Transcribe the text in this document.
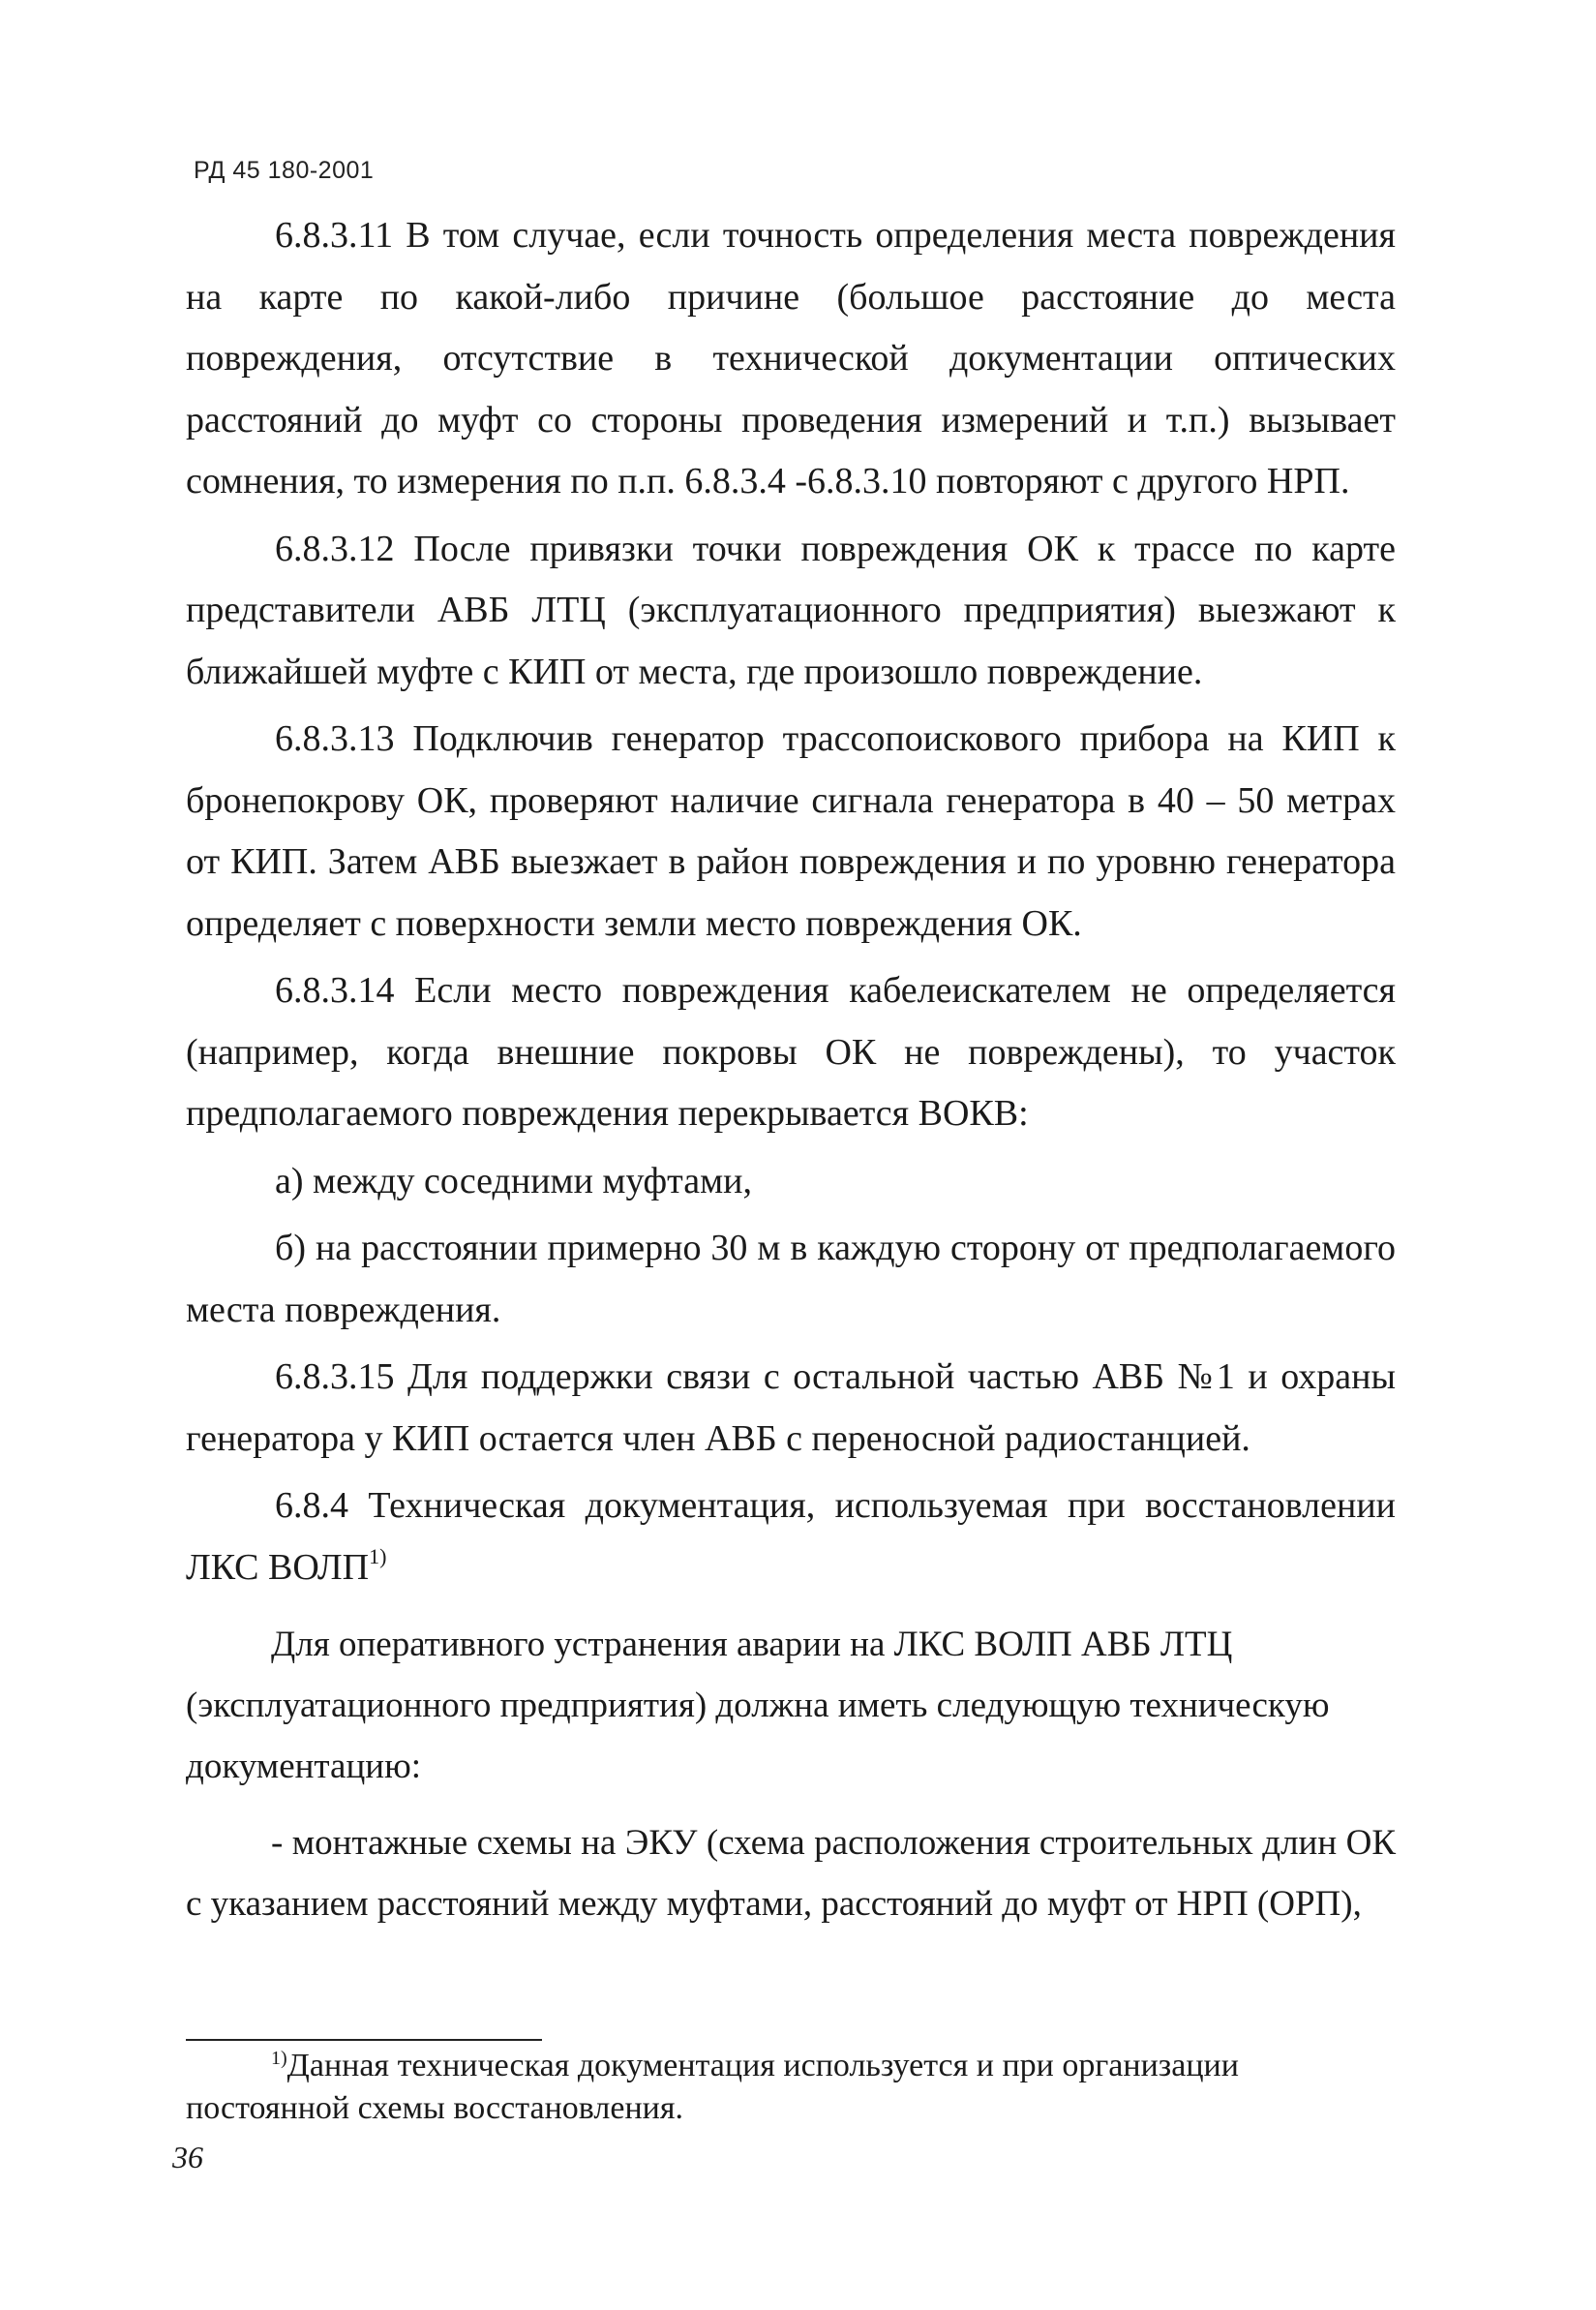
РД 45 180-2001

6.8.3.11 В том случае, если точность определения места повреждения на карте по какой-либо причине (большое расстояние до места повреждения, отсутствие в технической документации оптических расстояний до муфт со стороны проведения измерений и т.п.) вызывает сомнения, то измерения по п.п. 6.8.3.4 -6.8.3.10 повторяют с другого НРП.

6.8.3.12 После привязки точки повреждения ОК к трассе по карте представители АВБ ЛТЦ (эксплуатационного предприятия) выезжают к ближайшей муфте с КИП от места, где произошло повреждение.

6.8.3.13 Подключив генератор трассопоискового прибора на КИП к бронепокрову ОК, проверяют наличие сигнала генератора в 40 – 50 метрах от КИП. Затем АВБ выезжает в район повреждения и по уровню генератора определяет с поверхности земли место повреждения ОК.

6.8.3.14 Если место повреждения кабелеискателем не определяется (например, когда внешние покровы ОК не повреждены), то участок предполагаемого повреждения перекрывается ВОКВ:

а) между соседними муфтами,

б) на расстоянии примерно 30 м в каждую сторону от предполагаемого места повреждения.

6.8.3.15 Для поддержки связи с остальной частью АВБ №1 и охраны генератора у КИП остается член АВБ с переносной радиостанцией.

6.8.4 Техническая документация, используемая при восстановлении ЛКС ВОЛП$^{1)}$

Для оперативного устранения аварии на ЛКС ВОЛП АВБ ЛТЦ (эксплуатационного предприятия) должна иметь следующую техническую документацию:

- монтажные схемы на ЭКУ (схема расположения строительных длин ОК с указанием расстояний между муфтами, расстояний до муфт от НРП (ОРП),

$^{1)}$Данная техническая документация используется и при организации постоянной схемы восстановления.

36
